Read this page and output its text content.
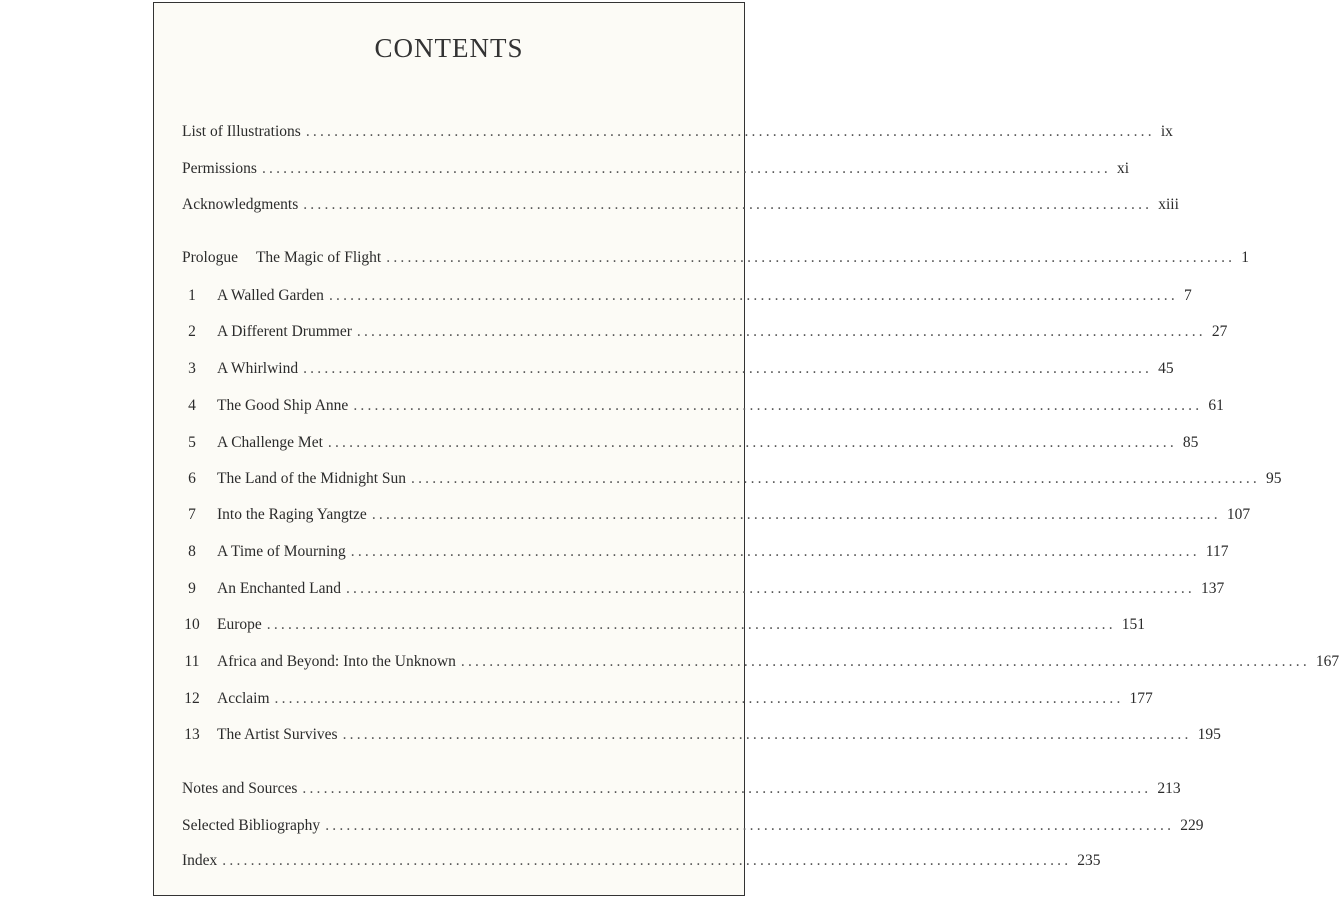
CONTENTS
List of Illustrations ........................................................................................................................ ix
Permissions ........................................................................................................................ xi
Acknowledgments ........................................................................................................................ xiii
Prologue The Magic of Flight ........................................................................................................................ 1
1	A Walled Garden ........................................................................................................................ 7
2	A Different Drummer ........................................................................................................................ 27
3	A Whirlwind ........................................................................................................................ 45
4	The Good Ship Anne ........................................................................................................................ 61
5	A Challenge Met ........................................................................................................................ 85
6	The Land of the Midnight Sun ........................................................................................................................ 95
7	Into the Raging Yangtze ........................................................................................................................ 107
8	A Time of Mourning ........................................................................................................................ 117
9	An Enchanted Land ........................................................................................................................ 137
10 Europe ........................................................................................................................ 151
11 Africa and Beyond: Into the Unknown ........................................................................................................................ 167
12 Acclaim ........................................................................................................................ 177
13 The Artist Survives ........................................................................................................................ 195
Notes and Sources ........................................................................................................................ 213
Selected Bibliography ........................................................................................................................ 229
Index ........................................................................................................................ 235
